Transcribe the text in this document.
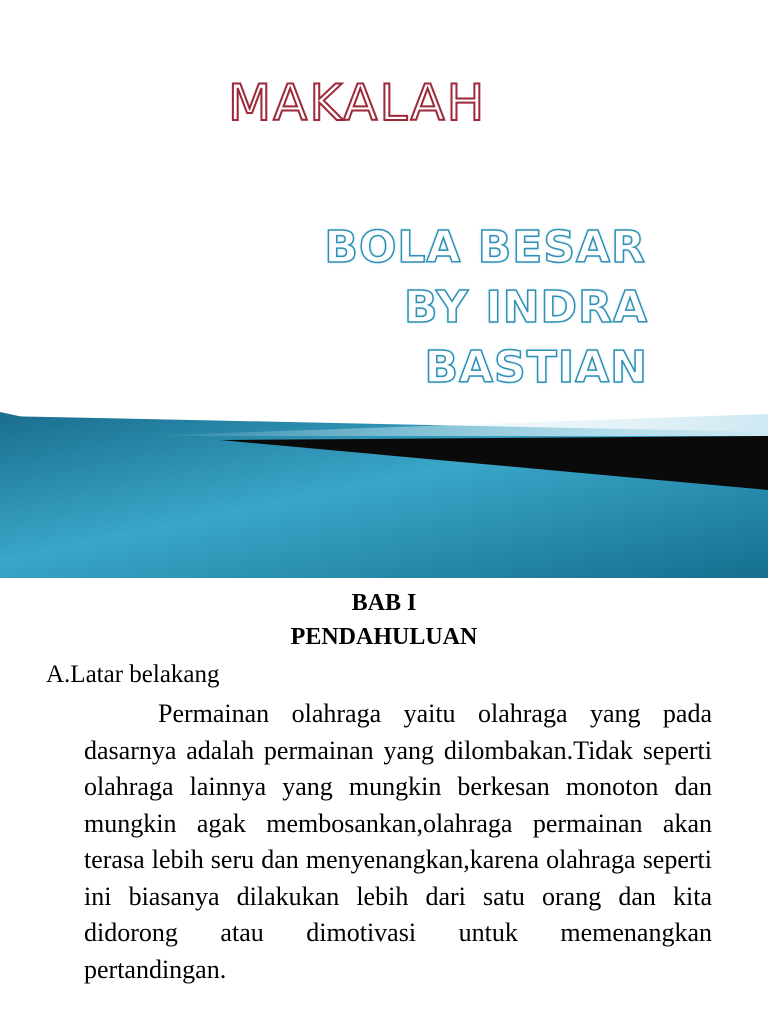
MAKALAH
BOLA BESAR
BY INDRA BASTIAN
BAB I
PENDAHULUAN
A.Latar belakang
Permainan olahraga yaitu olahraga yang pada dasarnya adalah permainan yang dilombakan.Tidak seperti olahraga lainnya yang mungkin berkesan monoton dan mungkin agak membosankan,olahraga permainan akan terasa lebih seru dan menyenangkan,karena olahraga seperti ini biasanya dilakukan lebih dari satu orang dan kita didorong atau dimotivasi untuk memenangkan pertandingan.
